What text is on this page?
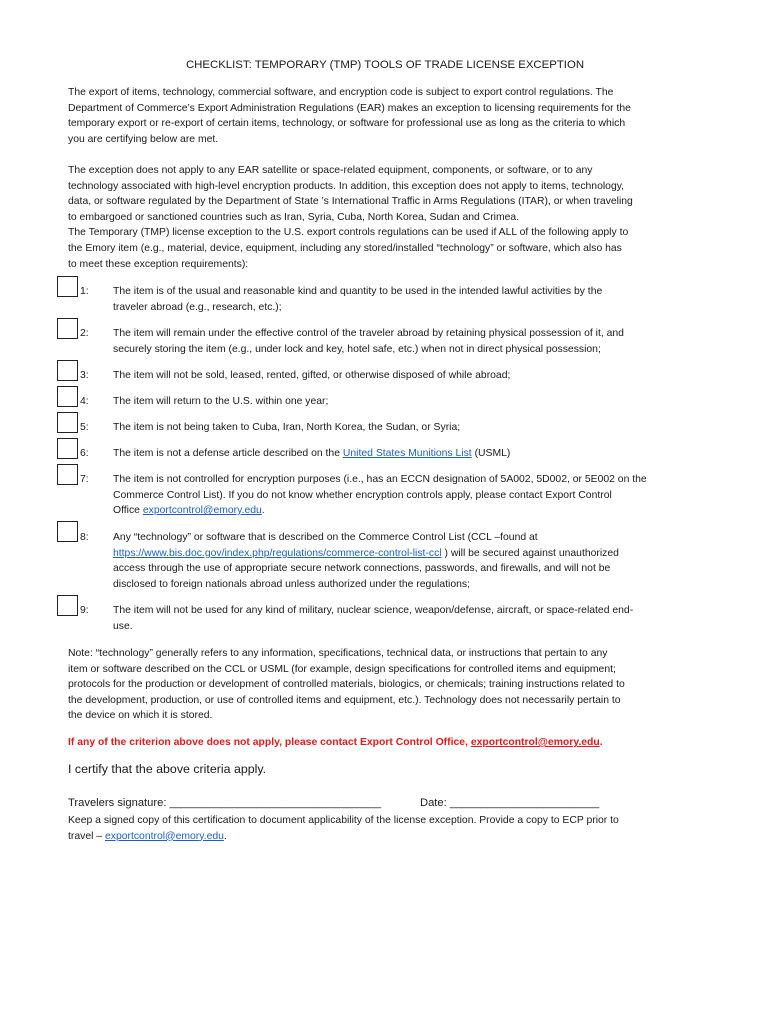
CHECKLIST: TEMPORARY (TMP) TOOLS OF TRADE LICENSE EXCEPTION

The export of items, technology, commercial software, and encryption code is subject to export control regulations. The

Department of Commerce’s Export Administration Regulations (EAR) makes an exception to licensing requirements for the

temporary export or re-export of certain items, technology, or software for professional use as long as the criteria to which

you are certifying below are met.

The exception does not apply to any EAR satellite or space-related equipment, components, or software, or to any

technology associated with high-level encryption products. In addition, this exception does not apply to items, technology,

data, or software regulated by the Department of State ’s International Traffic in Arms Regulations (ITAR), or when traveling

to embargoed or sanctioned countries such as Iran, Syria, Cuba, North Korea, Sudan and Crimea.

The Temporary (TMP) license exception to the U.S. export controls regulations can be used if ALL of the following apply to

the Emory item (e.g., material, device, equipment, including any stored/installed “technology” or software, which also has

to meet these exception requirements):

1: The item is of the usual and reasonable kind and quantity to be used in the intended lawful activities by the
traveler abroad (e.g., research, etc.);
2: The item will remain under the effective control of the traveler abroad by retaining physical possession of it, and
securely storing the item (e.g., under lock and key, hotel safe, etc.) when not in direct physical possession;
3: The item will not be sold, leased, rented, gifted, or otherwise disposed of while abroad;
4: The item will return to the U.S. within one year;
5: The item is not being taken to Cuba, Iran, North Korea, the Sudan, or Syria;
6: The item is not a defense article described on the United States Munitions List (USML)
7: The item is not controlled for encryption purposes (i.e., has an ECCN designation of 5A002, 5D002, or 5E002 on the
Commerce Control List). If you do not know whether encryption controls apply, please contact Export Control
Office exportcontrol@emory.edu.
8: Any “technology” or software that is described on the Commerce Control List (CCL –found at
https://www.bis.doc.gov/index.php/regulations/commerce-control-list-ccl ) will be secured against unauthorized
access through the use of appropriate secure network connections, passwords, and firewalls, and will not be
disclosed to foreign nationals abroad unless authorized under the regulations;
9: The item will not be used for any kind of military, nuclear science, weapon/defense, aircraft, or space-related end-
use.

Note: “technology” generally refers to any information, specifications, technical data, or instructions that pertain to any

item or software described on the CCL or USML (for example, design specifications for controlled items and equipment;

protocols for the production or development of controlled materials, biologics, or chemicals; training instructions related to

the development, production, or use of controlled items and equipment, etc.). Technology does not necessarily pertain to

the device on which it is stored.

If any of the criterion above does not apply, please contact Export Control Office, exportcontrol@emory.edu.
I certify that the above criteria apply.
Travelers signature: __________________________________	Date: ________________________
Keep a signed copy of this certification to document applicability of the license exception. Provide a copy to ECP prior to
travel – exportcontrol@emory.edu.
